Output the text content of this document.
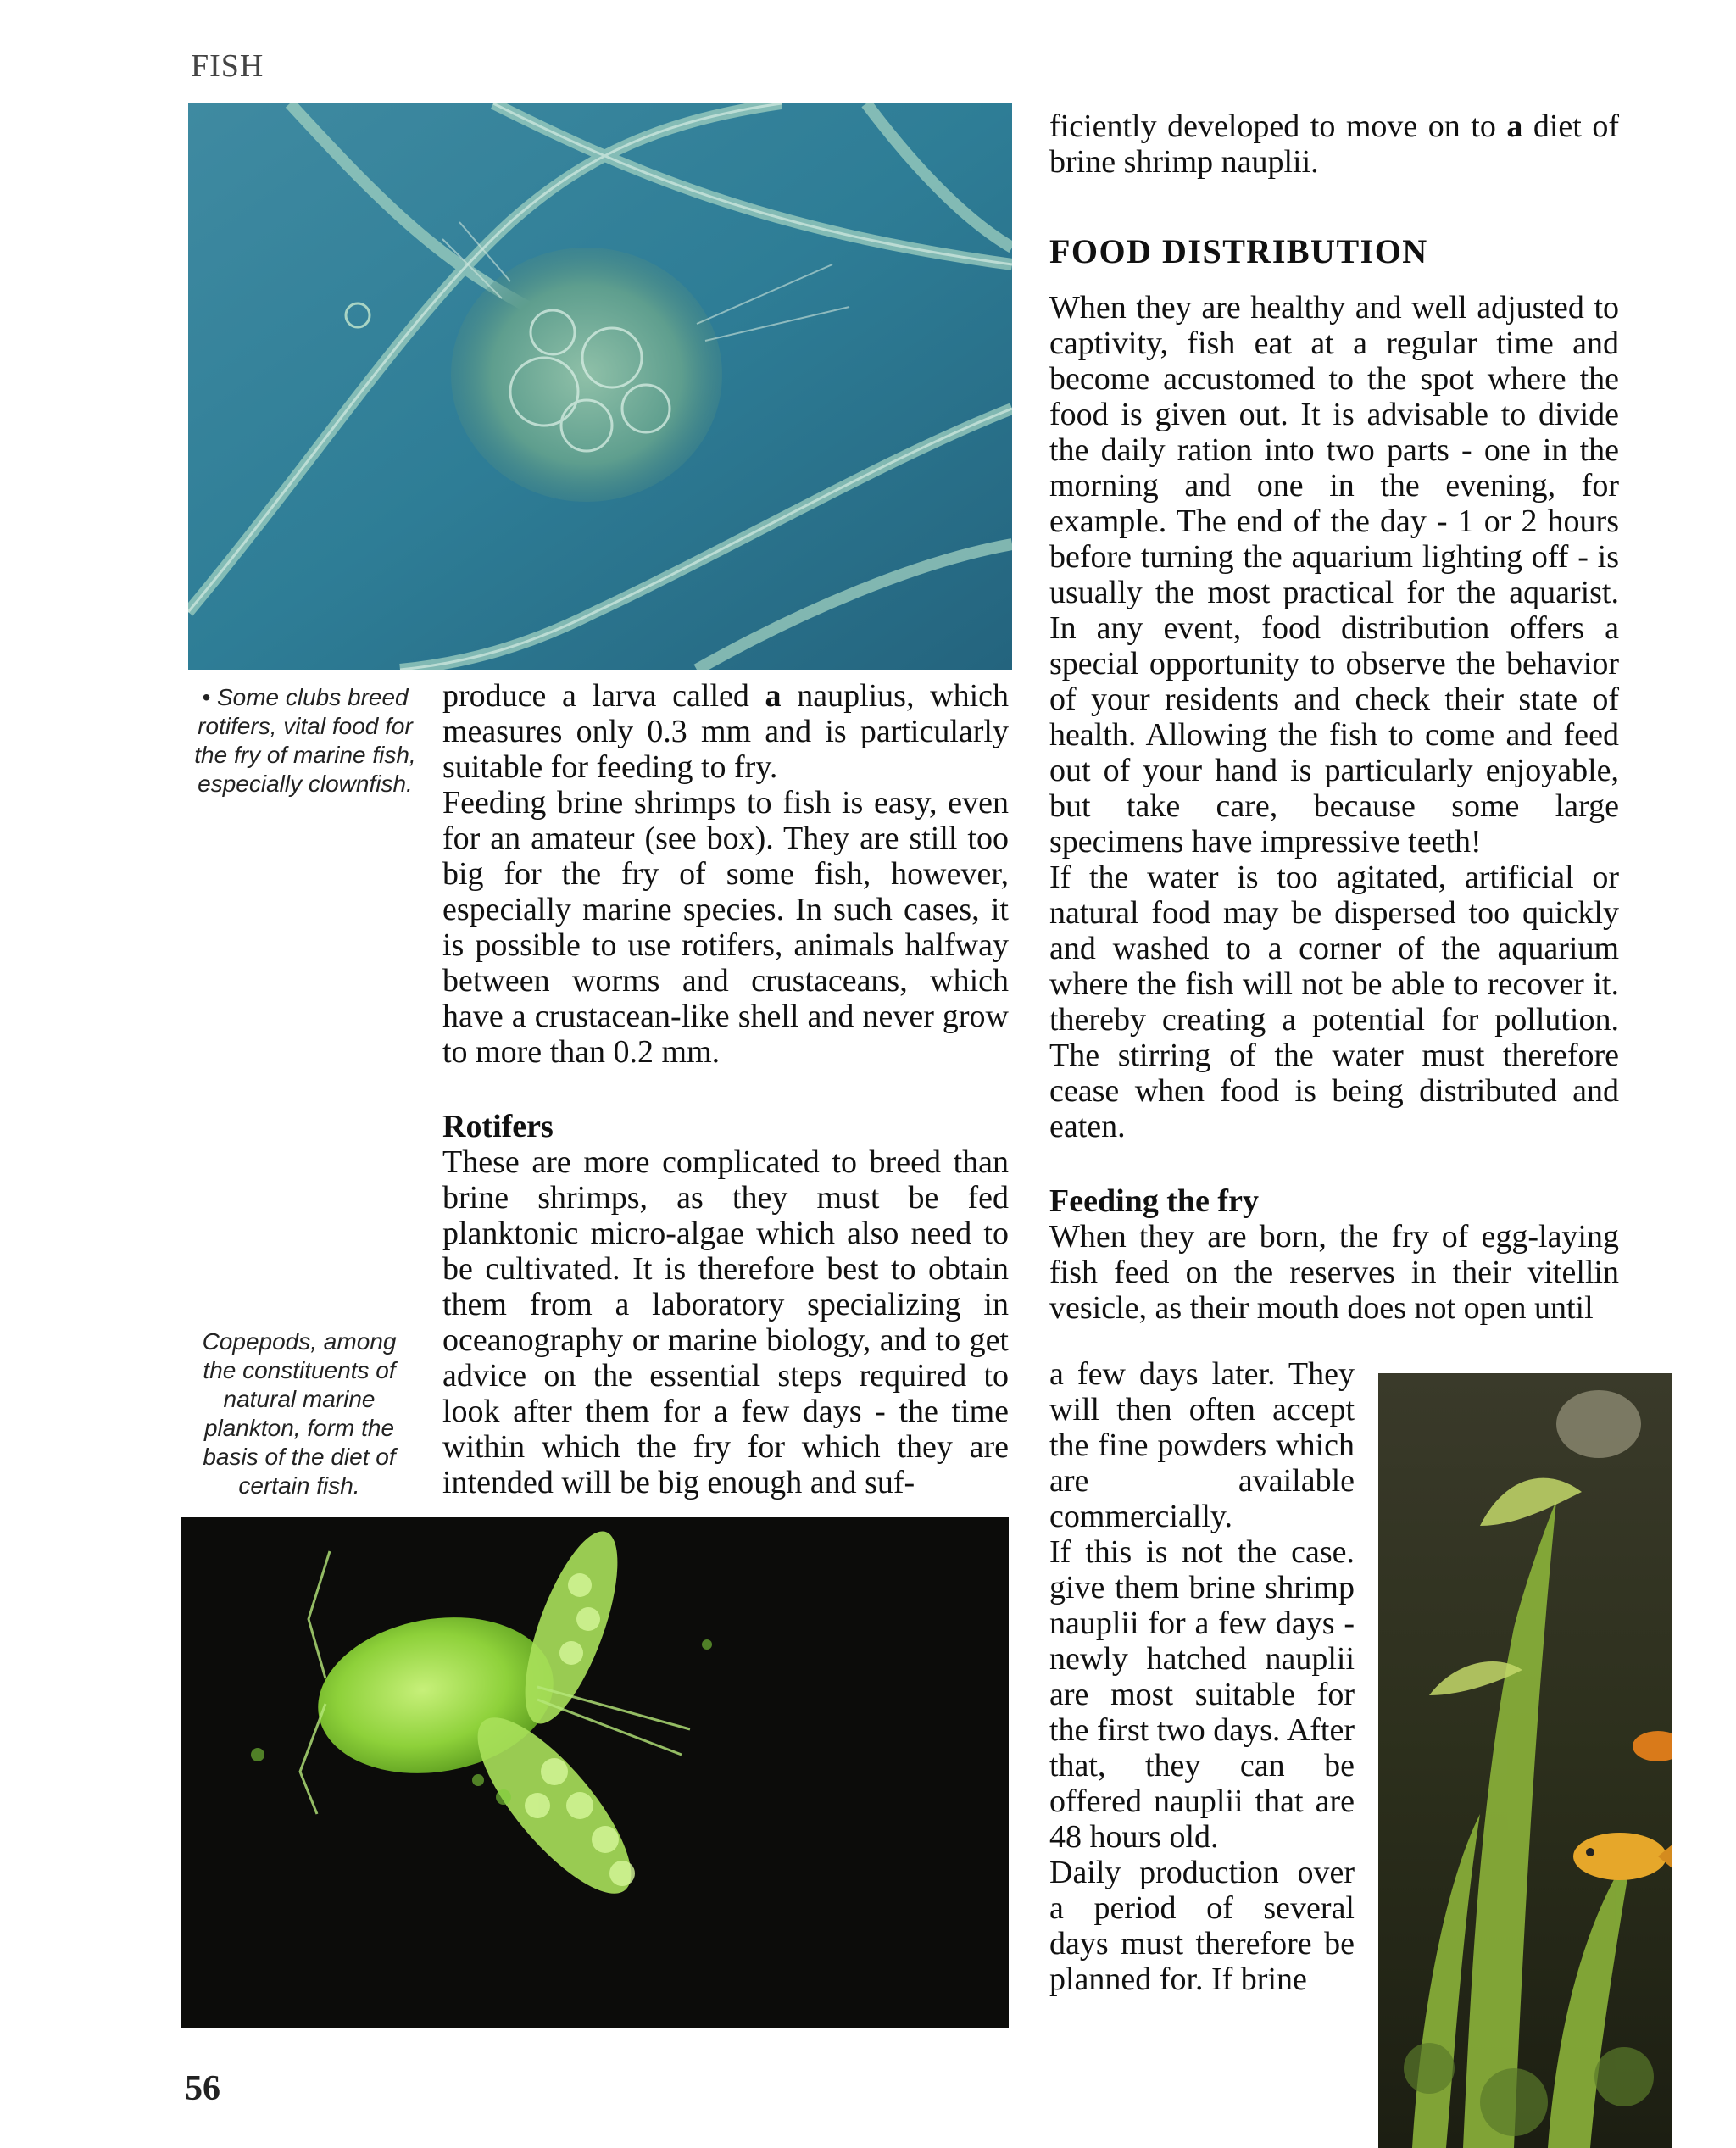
FISH
56
• Some clubs breed rotifers, vital food for the fry of marine fish, especially clownfish.
Copepods, among the constituents of natural marine plankton, form the basis of the diet of certain fish.

produce a larva called a nauplius, which measures only 0.3 mm and is particularly suitable for feeding to fry.

Feeding brine shrimps to fish is easy, even for an amateur (see box). They are still too big for the fry of some fish, however, especially marine species. In such cases, it is possible to use rotifers, animals halfway between worms and crustaceans, which have a crustacean-like shell and never grow to more than 0.2 mm.

Rotifers

These are more complicated to breed than brine shrimps, as they must be fed planktonic micro-algae which also need to be cultivated. It is therefore best to obtain them from a laboratory specializing in oceanography or marine biology, and to get advice on the essential steps required to look after them for a few days - the time within which the fry for which they are intended will be big enough and suf-

ficiently developed to move on to a diet of brine shrimp nauplii.

FOOD DISTRIBUTION

When they are healthy and well adjusted to captivity, fish eat at a regular time and become accustomed to the spot where the food is given out. It is advisable to divide the daily ration into two parts - one in the morning and one in the evening, for example. The end of the day - 1 or 2 hours before turning the aquarium lighting off - is usually the most practical for the aquarist. In any event, food distribution offers a special opportunity to observe the behavior of your residents and check their state of health. Allowing the fish to come and feed out of your hand is particularly enjoyable, but take care, because some large specimens have impressive teeth!

If the water is too agitated, artificial or natural food may be dispersed too quickly and washed to a corner of the aquarium where the fish will not be able to recover it. thereby creating a potential for pollution. The stirring of the water must therefore cease when food is being distributed and eaten.

Feeding the fry

When they are born, the fry of egg-laying fish feed on the reserves in their vitellin vesicle, as their mouth does not open until

a few days later. They will then often accept the fine powders which are available commercially.

If this is not the case. give them brine shrimp nauplii for a few days - newly hatched nauplii are most suitable for the first two days. After that, they can be offered nauplii that are 48 hours old.

Daily production over a period of several days must therefore be planned for. If brine
